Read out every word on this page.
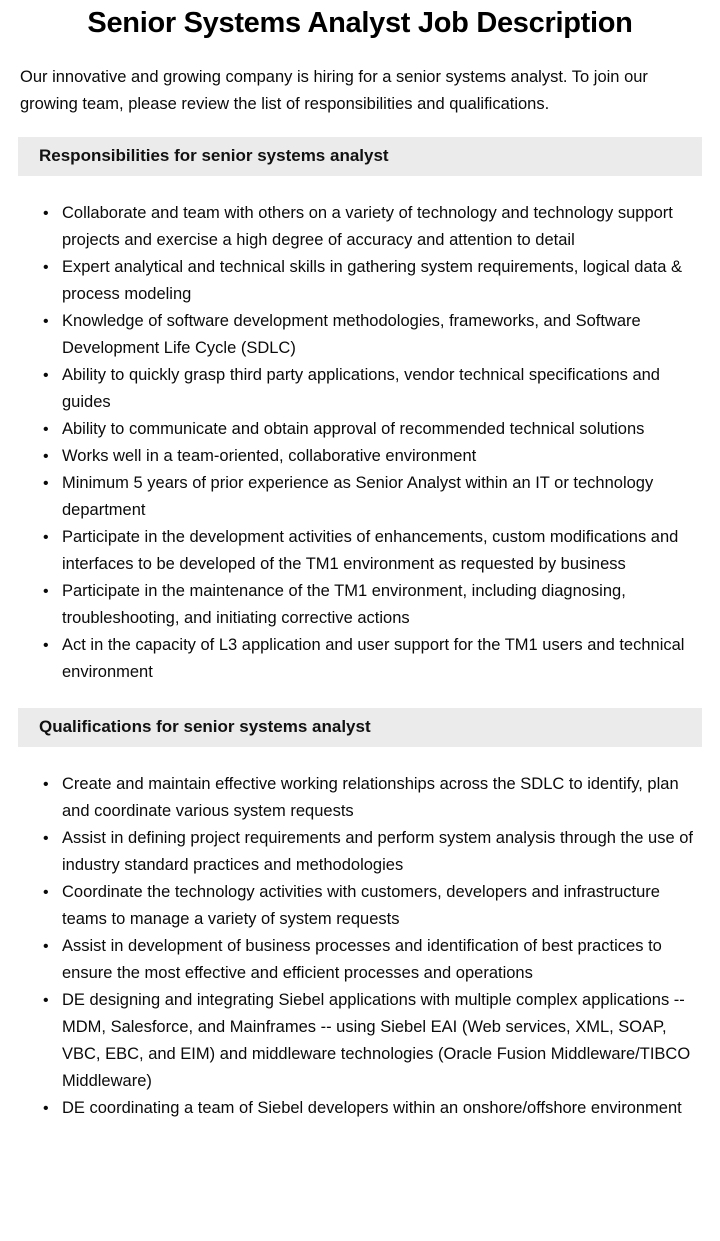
Senior Systems Analyst Job Description

Our innovative and growing company is hiring for a senior systems analyst. To join our growing team, please review the list of responsibilities and qualifications.

Responsibilities for senior systems analyst
• Collaborate and team with others on a variety of technology and technology support projects and exercise a high degree of accuracy and attention to detail
• Expert analytical and technical skills in gathering system requirements, logical data & process modeling
• Knowledge of software development methodologies, frameworks, and Software Development Life Cycle (SDLC)
• Ability to quickly grasp third party applications, vendor technical specifications and guides
• Ability to communicate and obtain approval of recommended technical solutions
• Works well in a team-oriented, collaborative environment
• Minimum 5 years of prior experience as Senior Analyst within an IT or technology department
• Participate in the development activities of enhancements, custom modifications and interfaces to be developed of the TM1 environment as requested by business
• Participate in the maintenance of the TM1 environment, including diagnosing, troubleshooting, and initiating corrective actions
• Act in the capacity of L3 application and user support for the TM1 users and technical environment
Qualifications for senior systems analyst
• Create and maintain effective working relationships across the SDLC to identify, plan and coordinate various system requests
• Assist in defining project requirements and perform system analysis through the use of industry standard practices and methodologies
• Coordinate the technology activities with customers, developers and infrastructure teams to manage a variety of system requests
• Assist in development of business processes and identification of best practices to ensure the most effective and efficient processes and operations
• DE designing and integrating Siebel applications with multiple complex applications -- MDM, Salesforce, and Mainframes -- using Siebel EAI (Web services, XML, SOAP, VBC, EBC, and EIM) and middleware technologies (Oracle Fusion Middleware/TIBCO Middleware)
• DE coordinating a team of Siebel developers within an onshore/offshore environment
